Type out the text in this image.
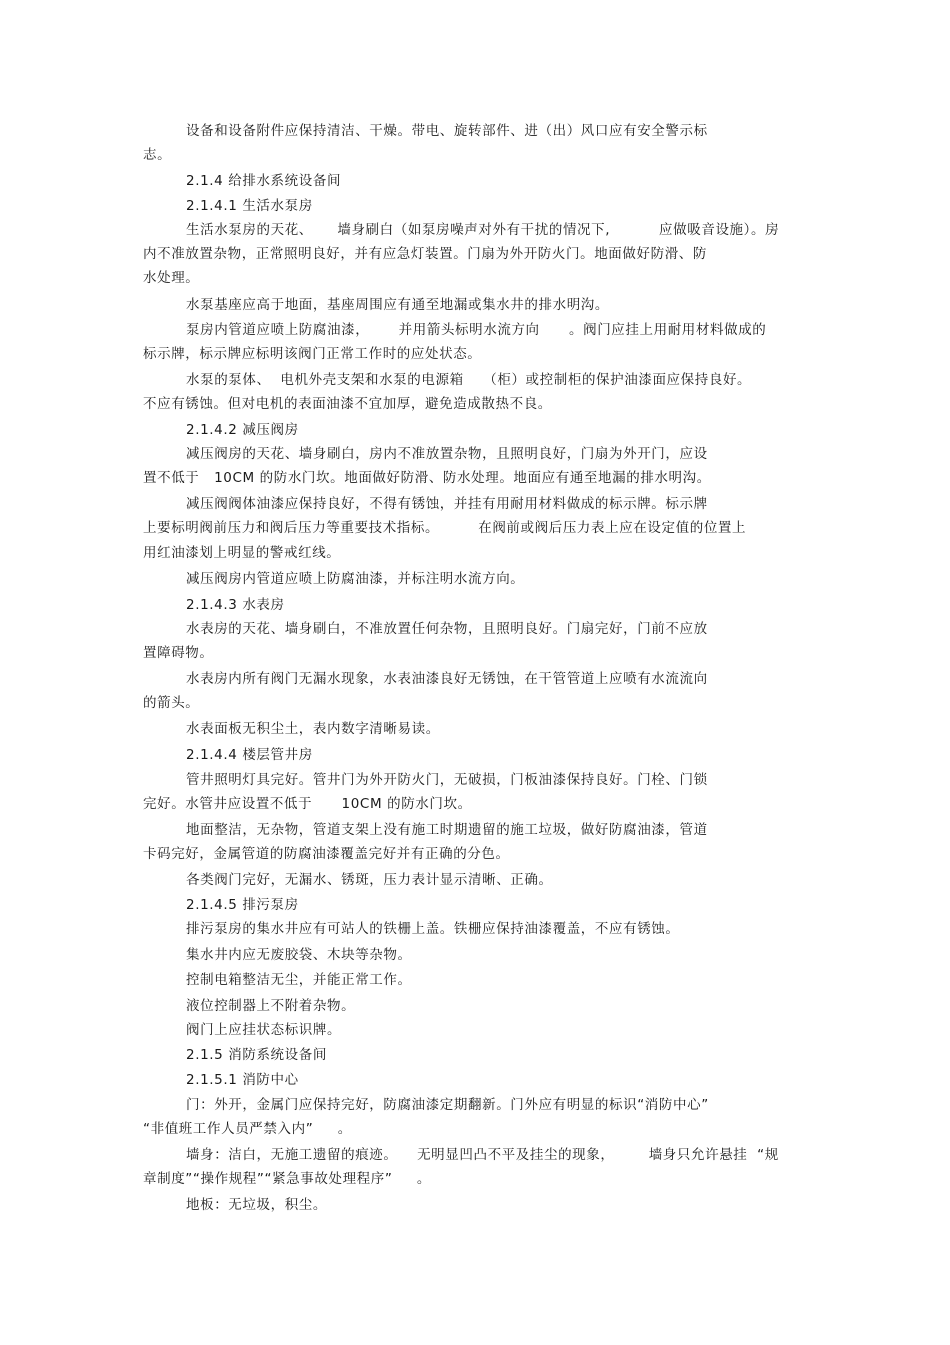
设备和设备附件应保持清洁、干燥。带电、旋转部件、进（出）风口应有安全警示标
志。
2.1.4 给排水系统设备间
2.1.4.1 生活水泵房
生活水泵房的天花、     墙身刷白（如泵房噪声对外有干扰的情况下,          应做吸音设施）。房
内不准放置杂物，正常照明良好，并有应急灯装置。门扇为外开防火门。地面做好防滑、防
水处理。
水泵基座应高于地面，基座周围应有通至地漏或集水井的排水明沟。
泵房内管道应喷上防腐油漆，      并用箭头标明水流方向      。阀门应挂上用耐用材料做成的
标示牌，标示牌应标明该阀门正常工作时的应处状态。
水泵的泵体、  电机外壳支架和水泵的电源箱    （柜）或控制柜的保护油漆面应保持良好。
不应有锈蚀。但对电机的表面油漆不宜加厚，避免造成散热不良。
2.1.4.2 减压阀房
减压阀房的天花、墙身刷白，房内不准放置杂物，且照明良好，门扇为外开门，应设
置不低于   10CM 的防水门坎。地面做好防滑、防水处理。地面应有通至地漏的排水明沟。
减压阀阀体油漆应保持良好，不得有锈蚀，并挂有用耐用材料做成的标示牌。标示牌
上要标明阀前压力和阀后压力等重要技术指标。        在阀前或阀后压力表上应在设定值的位置上
用红油漆划上明显的警戒红线。
减压阀房内管道应喷上防腐油漆，并标注明水流方向。
2.1.4.3 水表房
水表房的天花、墙身刷白，不准放置任何杂物，且照明良好。门扇完好，门前不应放
置障碍物。
水表房内所有阀门无漏水现象，水表油漆良好无锈蚀，在干管管道上应喷有水流流向
的箭头。
水表面板无积尘土，表内数字清晰易读。
2.1.4.4 楼层管井房
管井照明灯具完好。管井门为外开防火门，无破损，门板油漆保持良好。门栓、门锁
完好。水管井应设置不低于      10CM 的防水门坎。
地面整洁，无杂物，管道支架上没有施工时期遗留的施工垃圾，做好防腐油漆，管道
卡码完好，金属管道的防腐油漆覆盖完好并有正确的分色。
各类阀门完好，无漏水、锈斑，压力表计显示清晰、正确。
2.1.4.5 排污泵房
排污泵房的集水井应有可站人的铁栅上盖。铁栅应保持油漆覆盖，不应有锈蚀。
集水井内应无废胶袋、木块等杂物。
控制电箱整洁无尘，并能正常工作。
液位控制器上不附着杂物。
阀门上应挂状态标识牌。
2.1.5 消防系统设备间
2.1.5.1 消防中心
门：外开，金属门应保持完好，防腐油漆定期翻新。门外应有明显的标识“消防中心”
“非值班工作人员严禁入内”     。
墙身：洁白，无施工遗留的痕迹。    无明显凹凸不平及挂尘的现象，       墙身只允许悬挂  “规
章制度”“操作规程”“紧急事故处理程序”     。
地板：无垃圾，积尘。
